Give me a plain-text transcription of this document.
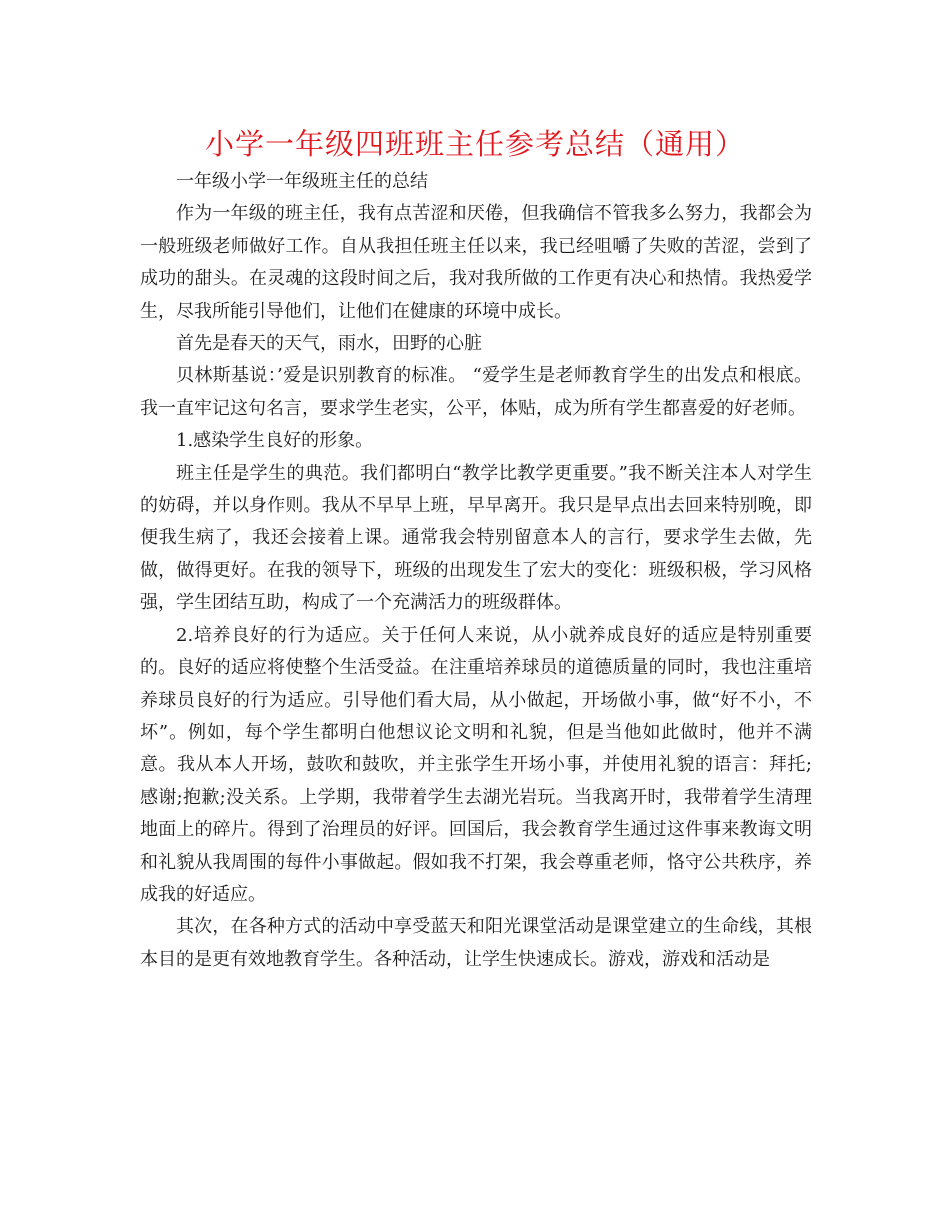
小学一年级四班班主任参考总结（通用）

一年级小学一年级班主任的总结

作为一年级的班主任，我有点苦涩和厌倦，但我确信不管我多么努力，我都会为一般班级老师做好工作。自从我担任班主任以来，我已经咀嚼了失败的苦涩，尝到了成功的甜头。在灵魂的这段时间之后，我对我所做的工作更有决心和热情。我热爱学生，尽我所能引导他们，让他们在健康的环境中成长。

首先是春天的天气，雨水，田野的心脏

贝林斯基说：’爱是识别教育的标准。 “爱学生是老师教育学生的出发点和根底。我一直牢记这句名言，要求学生老实，公平，体贴，成为所有学生都喜爱的好老师。

1.感染学生良好的形象。

班主任是学生的典范。我们都明白“教学比教学更重要。”我不断关注本人对学生的妨碍，并以身作则。我从不早早上班，早早离开。我只是早点出去回来特别晚，即便我生病了，我还会接着上课。通常我会特别留意本人的言行，要求学生去做，先做，做得更好。在我的领导下，班级的出现发生了宏大的变化：班级积极，学习风格强，学生团结互助，构成了一个充满活力的班级群体。

2.培养良好的行为适应。关于任何人来说，从小就养成良好的适应是特别重要的。良好的适应将使整个生活受益。在注重培养球员的道德质量的同时，我也注重培养球员良好的行为适应。引导他们看大局，从小做起，开场做小事，做“好不小，不坏”。例如，每个学生都明白他想议论文明和礼貌，但是当他如此做时，他并不满意。我从本人开场，鼓吹和鼓吹，并主张学生开场小事，并使用礼貌的语言：拜托;感谢;抱歉;没关系。上学期，我带着学生去湖光岩玩。当我离开时，我带着学生清理地面上的碎片。得到了治理员的好评。回国后，我会教育学生通过这件事来教诲文明和礼貌从我周围的每件小事做起。假如我不打架，我会尊重老师，恪守公共秩序，养成我的好适应。

其次，在各种方式的活动中享受蓝天和阳光课堂活动是课堂建立的生命线，其根本目的是更有效地教育学生。各种活动，让学生快速成长。游戏，游戏和活动是
